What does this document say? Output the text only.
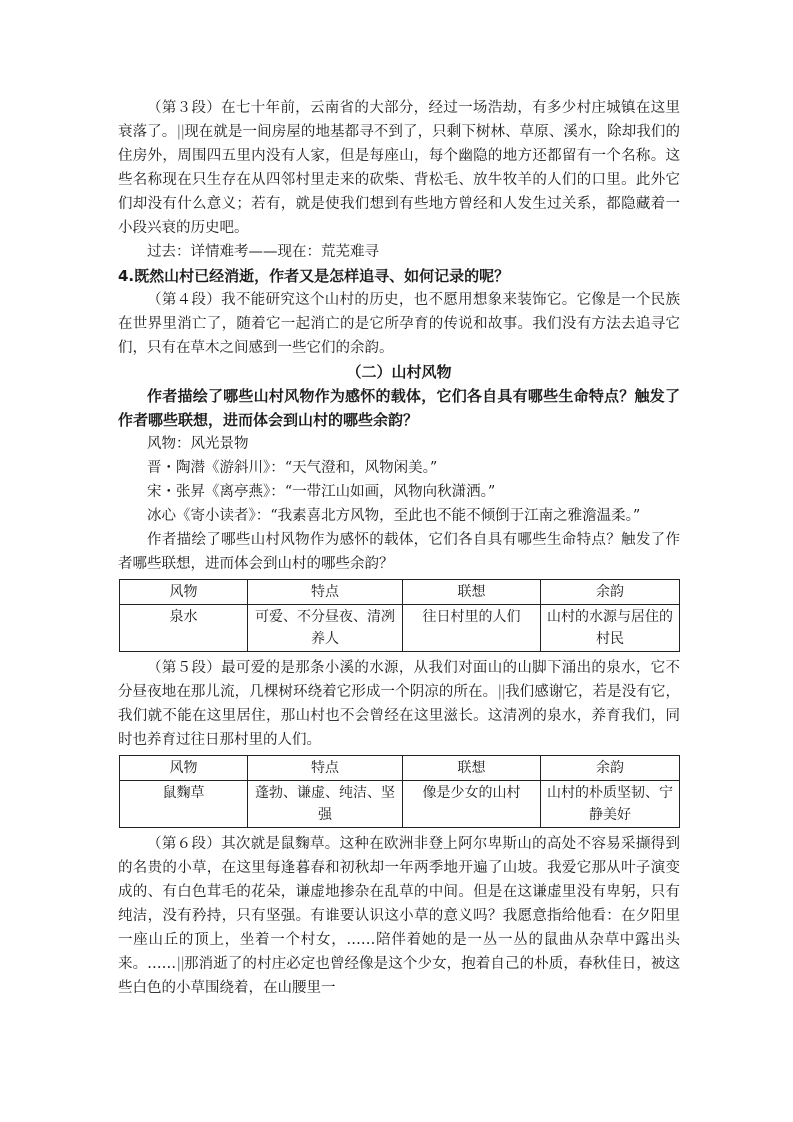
（第３段）在七十年前，云南省的大部分，经过一场浩劫，有多少村庄城镇在这里衰落了。||现在就是一间房屋的地基都寻不到了，只剩下树林、草原、溪水，除却我们的住房外，周围四五里内没有人家，但是每座山，每个幽隐的地方还都留有一个名称。这些名称现在只生存在从四邻村里走来的砍柴、背松毛、放牛牧羊的人们的口里。此外它们却没有什么意义；若有，就是使我们想到有些地方曾经和人发生过关系，都隐藏着一小段兴衰的历史吧。

过去：详情难考——现在：荒芜难寻

4.既然山村已经消逝，作者又是怎样追寻、如何记录的呢？

（第４段）我不能研究这个山村的历史，也不愿用想象来装饰它。它像是一个民族在世界里消亡了，随着它一起消亡的是它所孕育的传说和故事。我们没有方法去追寻它们，只有在草木之间感到一些它们的余韵。

（二）山村风物

作者描绘了哪些山村风物作为感怀的载体，它们各自具有哪些生命特点？触发了作者哪些联想，进而体会到山村的哪些余韵？

风物：风光景物

晋・陶潜《游斜川》：“天气澄和，风物闲美。”

宋・张昇《离亭燕》：“一带江山如画，风物向秋潇洒。”

冰心《寄小读者》：“我素喜北方风物，至此也不能不倾倒于江南之雅澹温柔。”

作者描绘了哪些山村风物作为感怀的载体，它们各自具有哪些生命特点？触发了作者哪些联想，进而体会到山村的哪些余韵？

风物	特点	联想	余韵
泉水	可爱、不分昼夜、清冽养人	往日村里的人们	山村的水源与居住的村民

（第５段）最可爱的是那条小溪的水源，从我们对面山的山脚下涌出的泉水，它不分昼夜地在那儿流，几棵树环绕着它形成一个阴凉的所在。||我们感谢它，若是没有它，我们就不能在这里居住，那山村也不会曾经在这里滋长。这清冽的泉水，养育我们，同时也养育过往日那村里的人们。

风物	特点	联想	余韵
鼠麴草	蓬勃、谦虚、纯洁、坚强	像是少女的山村	山村的朴质坚韧、宁静美好

（第６段）其次就是鼠麴草。这种在欧洲非登上阿尔卑斯山的高处不容易采撷得到的名贵的小草，在这里每逢暮春和初秋却一年两季地开遍了山坡。我爱它那从叶子演变成的、有白色茸毛的花朵，谦虚地掺杂在乱草的中间。但是在这谦虚里没有卑躬，只有纯洁，没有矜持，只有坚强。有谁要认识这小草的意义吗？我愿意指给他看：在夕阳里一座山丘的顶上，坐着一个村女，……陪伴着她的是一丛一丛的鼠曲从杂草中露出头来。……||那消逝了的村庄必定也曾经像是这个少女，抱着自己的朴质，春秋佳日，被这些白色的小草围绕着，在山腰里一
